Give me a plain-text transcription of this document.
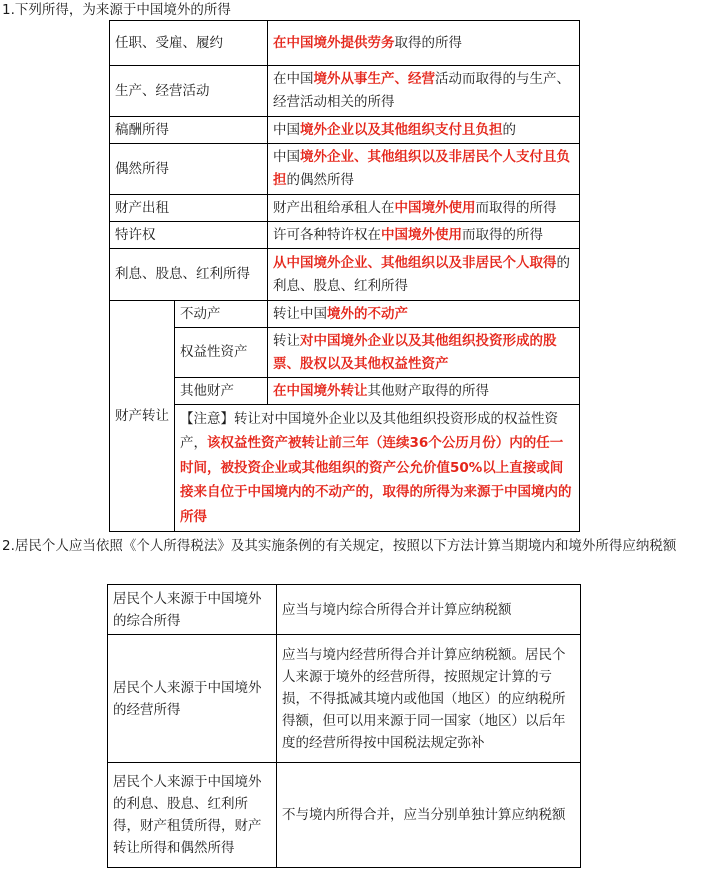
1.下列所得，为来源于中国境外的所得
任职、受雇、履约		在中国境外提供劳务取得的所得
生产、经营活动		在中国境外从事生产、经营活动而取得的与生产、经营活动相关的所得
稿酬所得		中国境外企业以及其他组织支付且负担的
偶然所得		中国境外企业、其他组织以及非居民个人支付且负担的偶然所得
财产出租		财产出租给承租人在中国境外使用而取得的所得
特许权		许可各种特许权在中国境外使用而取得的所得
利息、股息、红利所得		从中国境外企业、其他组织以及非居民个人取得的利息、股息、红利所得
财产转让	不动产	转让中国境外的不动产
	权益性资产	转让对中国境外企业以及其他组织投资形成的股票、股权以及其他权益性资产
	其他财产	在中国境外转让其他财产取得的所得
	【注意】转让对中国境外企业以及其他组织投资形成的权益性资产，该权益性资产被转让前三年（连续36个公历月份）内的任一时间，被投资企业或其他组织的资产公允价值50%以上直接或间接来自位于中国境内的不动产的，取得的所得为来源于中国境内的所得	
2.居民个人应当依照《个人所得税法》及其实施条例的有关规定，按照以下方法计算当期境内和境外所得应纳税额
居民个人来源于中国境外的综合所得	应当与境内综合所得合并计算应纳税额
居民个人来源于中国境外的经营所得	应当与境内经营所得合并计算应纳税额。居民个人来源于境外的经营所得，按照规定计算的亏损，不得抵减其境内或他国（地区）的应纳税所得额，但可以用来源于同一国家（地区）以后年度的经营所得按中国税法规定弥补
居民个人来源于中国境外的利息、股息、红利所得，财产租赁所得，财产转让所得和偶然所得	不与境内所得合并，应当分别单独计算应纳税额
